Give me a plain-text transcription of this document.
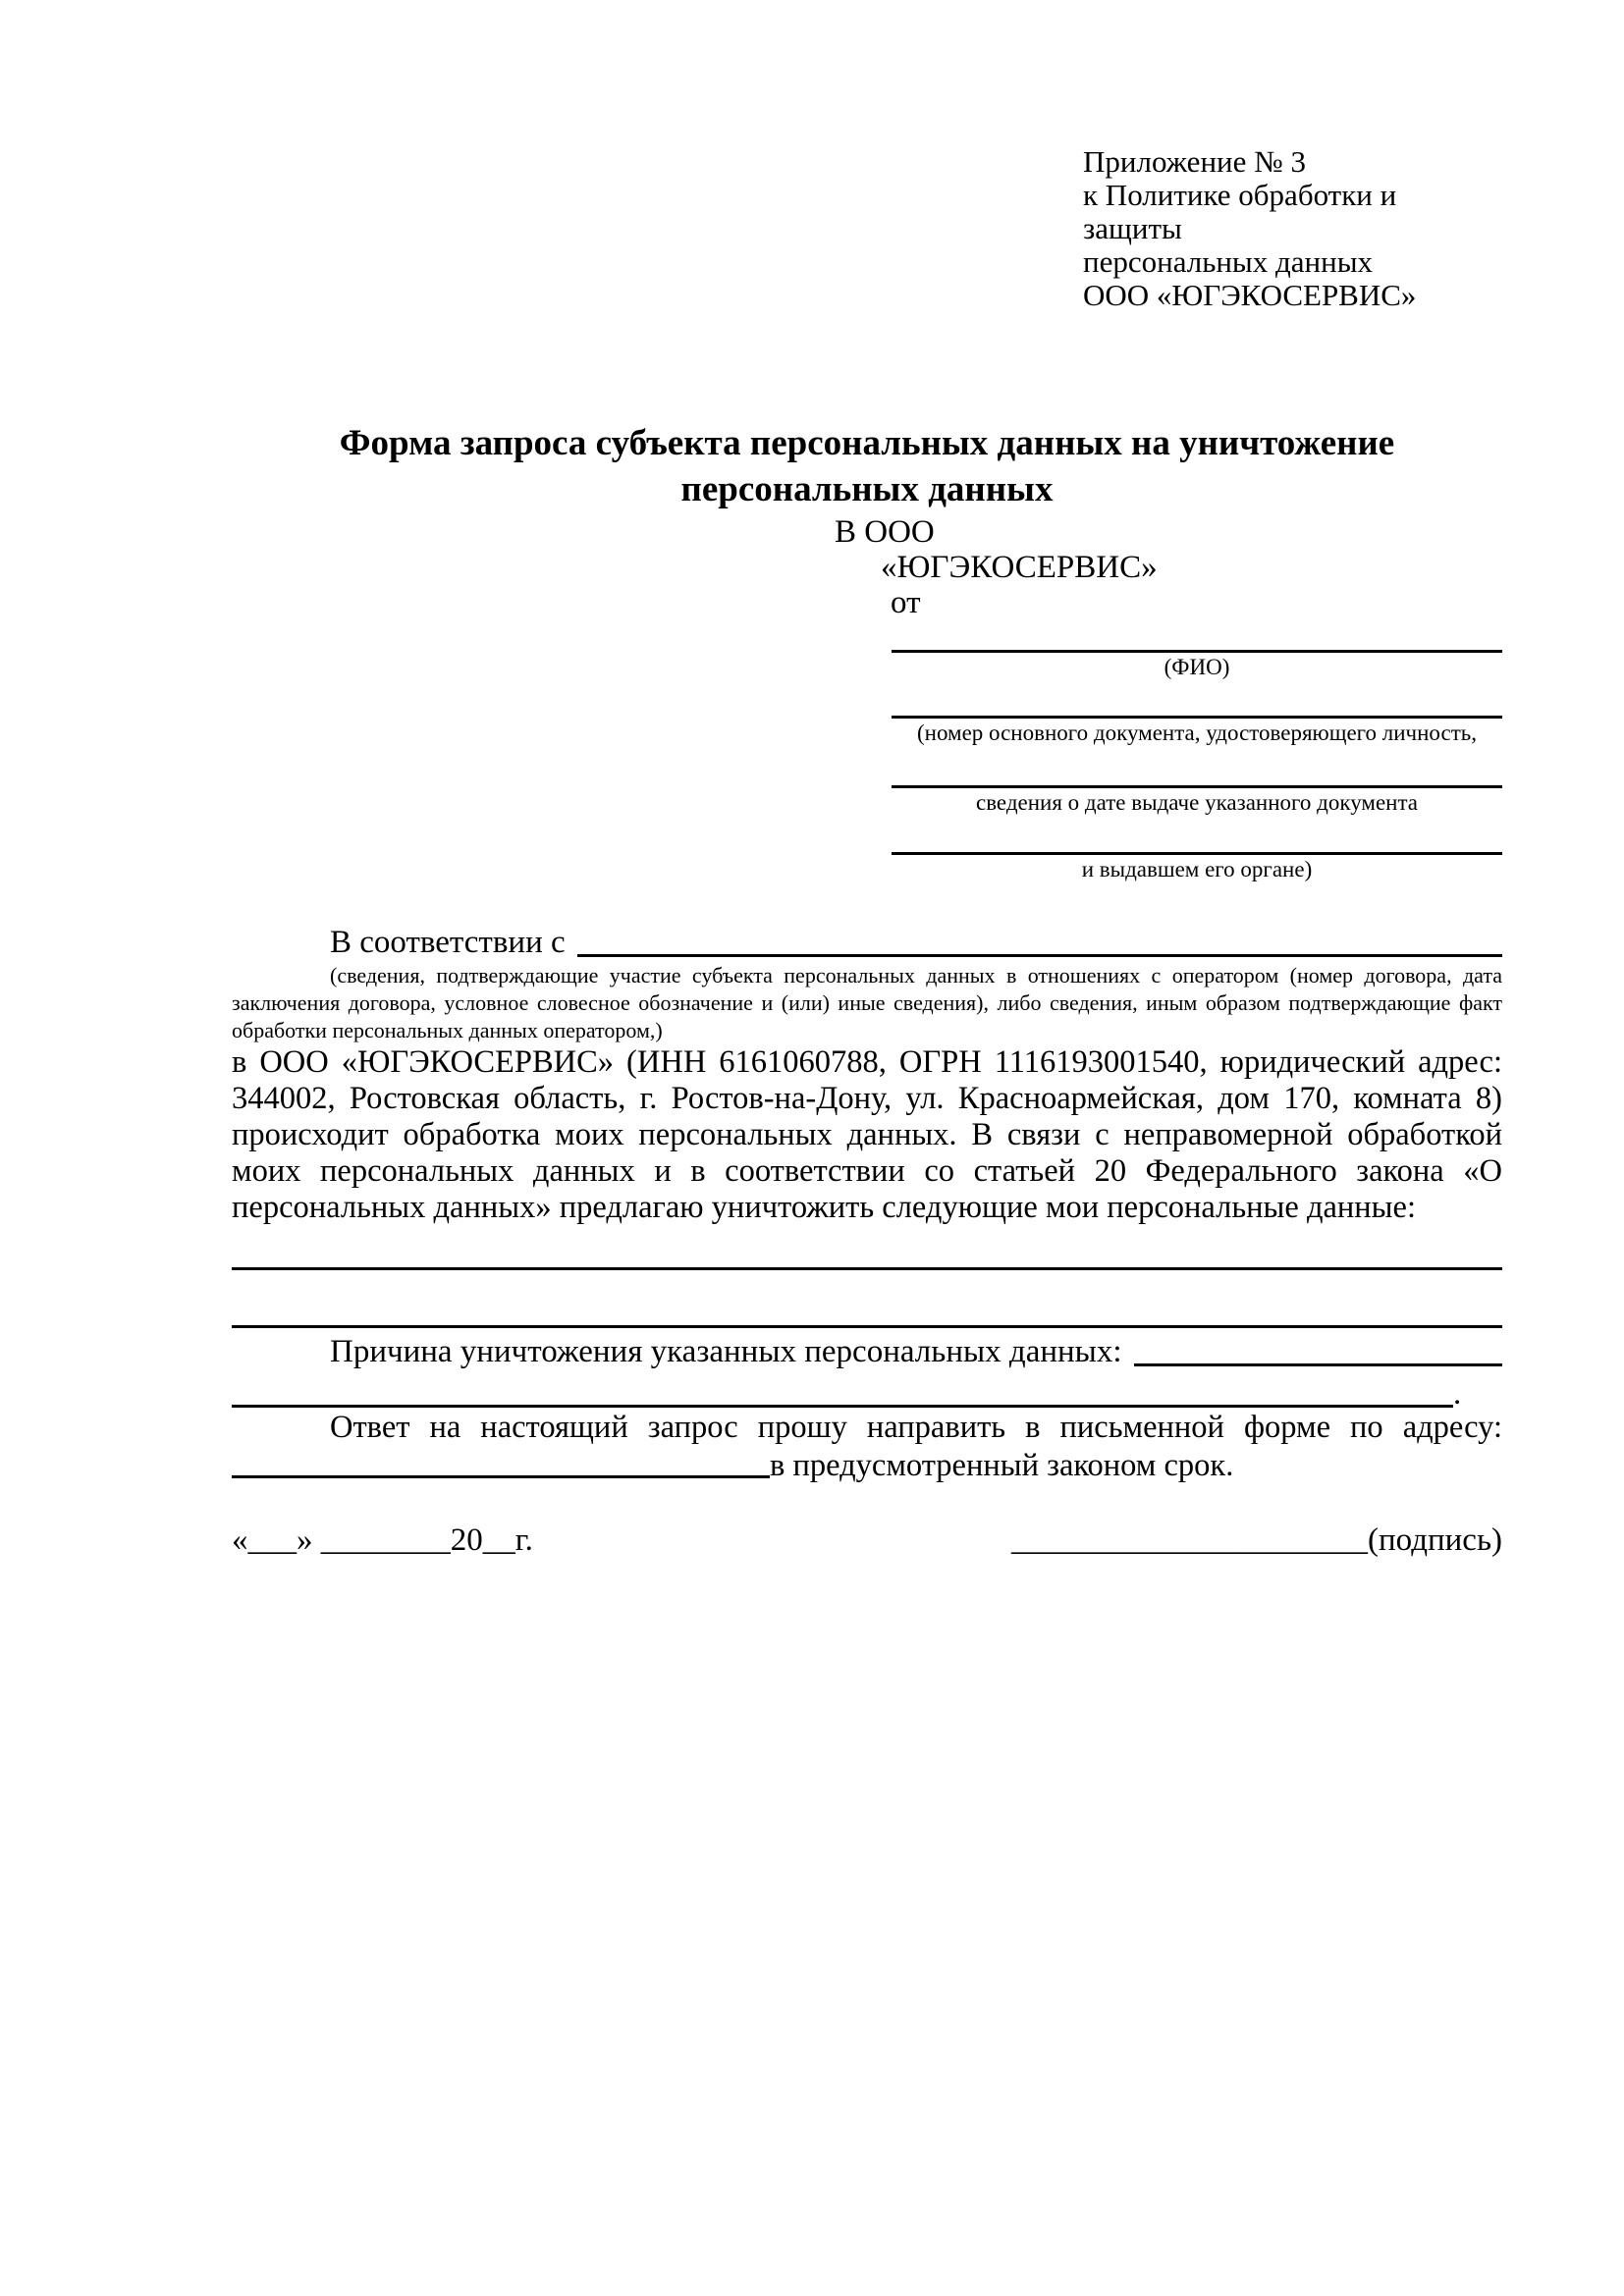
Приложение № 3
к Политике обработки и защиты
персональных данных
ООО «ЮГЭКОСЕРВИС»
Форма запроса субъекта персональных данных на уничтожение
персональных данных
В ООО
«ЮГЭКОСЕРВИС»
от
(ФИО)
(номер основного документа, удостоверяющего личность,
сведения о дате выдаче указанного документа
и выдавшем его органе)
В соответствии с

(сведения, подтверждающие участие субъекта персональных данных в отношениях с оператором (номер договора, дата заключения договора, условное словесное обозначение и (или) иные сведения), либо сведения, иным образом подтверждающие факт обработки персональных данных оператором,)

в ООО «ЮГЭКОСЕРВИС» (ИНН 6161060788, ОГРН 1116193001540, юридический адрес: 344002, Ростовская область, г. Ростов-на-Дону, ул. Красноармейская, дом 170, комната 8) происходит обработка моих персональных данных. В связи с неправомерной обработкой моих персональных данных и в соответствии со статьей 20 Федерального закона «О персональных данных» предлагаю уничтожить следующие мои персональные данные:

Причина уничтожения указанных персональных данных:
.

Ответ на настоящий запрос прошу направить в письменной форме по адресу: в предусмотренный законом срок.

«___» ________20__г.	______________________(подпись)
